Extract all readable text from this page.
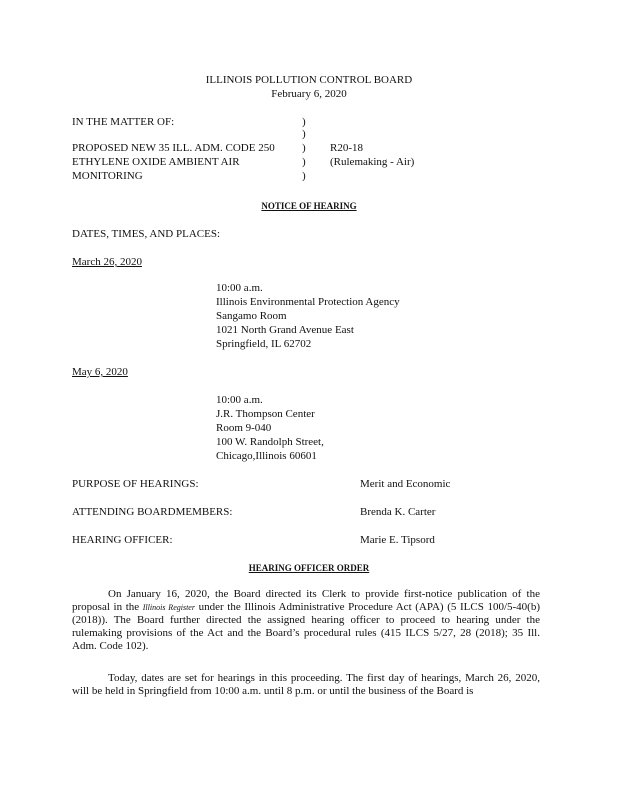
ILLINOIS POLLUTION CONTROL BOARD
February 6, 2020
IN THE MATTER OF:	)
)
PROPOSED NEW 35 ILL. ADM. CODE 250 ) R20-18
ETHYLENE OXIDE AMBIENT AIR	) (Rulemaking - Air)
MONITORING	)
NOTICE OF HEARING
DATES, TIMES, AND PLACES:
March 26, 2020
10:00 a.m.
Illinois Environmental Protection Agency
Sangamo Room
1021 North Grand Avenue East
Springfield, IL 62702
May 6, 2020
10:00 a.m.
J.R. Thompson Center
Room 9-040
100 W. Randolph Street,
Chicago,Illinois 60601
PURPOSE OF HEARINGS:	Merit and Economic
ATTENDING BOARDMEMBERS:	Brenda K. Carter
HEARING OFFICER:	Marie E. Tipsord
HEARING OFFICER ORDER
On January 16, 2020, the Board directed its Clerk to provide first-notice publication of the proposal in the Illinois Register under the Illinois Administrative Procedure Act (APA) (5 ILCS 100/5-40(b) (2018)). The Board further directed the assigned hearing officer to proceed to hearing under the rulemaking provisions of the Act and the Board’s procedural rules (415 ILCS 5/27, 28 (2018); 35 Ill. Adm. Code 102).
Today, dates are set for hearings in this proceeding. The first day of hearings, March 26, 2020, will be held in Springfield from 10:00 a.m. until 8 p.m. or until the business of the Board is
